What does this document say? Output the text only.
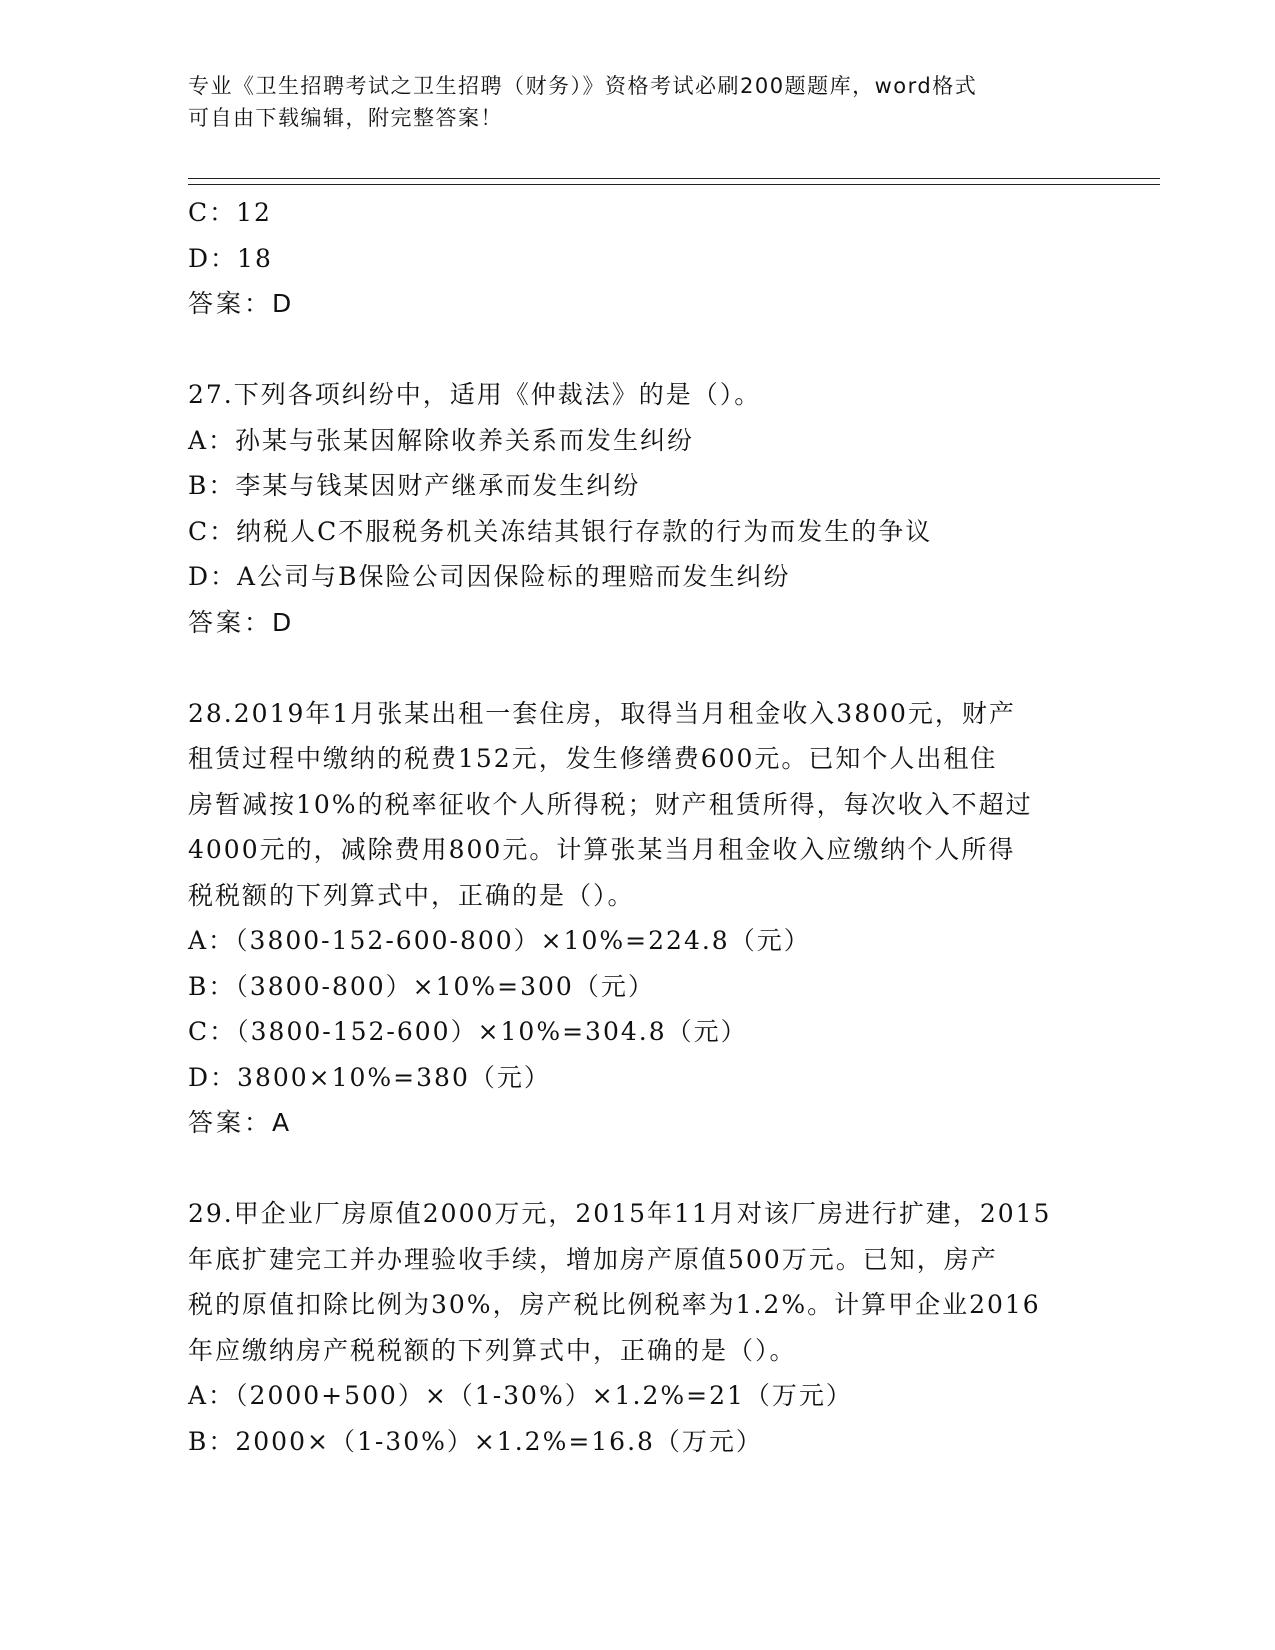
专业《卫生招聘考试之卫生招聘（财务）》资格考试必刷200题题库，word格式
可自由下载编辑，附完整答案！
C：12
D：18
答案：D
27.下列各项纠纷中，适用《仲裁法》的是（）。
A：孙某与张某因解除收养关系而发生纠纷
B：李某与钱某因财产继承而发生纠纷
C：纳税人C不服税务机关冻结其银行存款的行为而发生的争议
D：A公司与B保险公司因保险标的理赔而发生纠纷
答案：D
28.2019年1月张某出租一套住房，取得当月租金收入3800元，财产
租赁过程中缴纳的税费152元，发生修缮费600元。已知个人出租住
房暂减按10%的税率征收个人所得税；财产租赁所得，每次收入不超过
4000元的，减除费用800元。计算张某当月租金收入应缴纳个人所得
税税额的下列算式中，正确的是（）。
A：（3800-152-600-800）×10%=224.8（元）
B：（3800-800）×10%=300（元）
C：（3800-152-600）×10%=304.8（元）
D：3800×10%=380（元）
答案：A
29.甲企业厂房原值2000万元，2015年11月对该厂房进行扩建，2015
年底扩建完工并办理验收手续，增加房产原值500万元。已知，房产
税的原值扣除比例为30%，房产税比例税率为1.2%。计算甲企业2016
年应缴纳房产税税额的下列算式中，正确的是（）。
A：（2000+500）×（1-30%）×1.2%=21（万元）
B：2000×（1-30%）×1.2%=16.8（万元）
